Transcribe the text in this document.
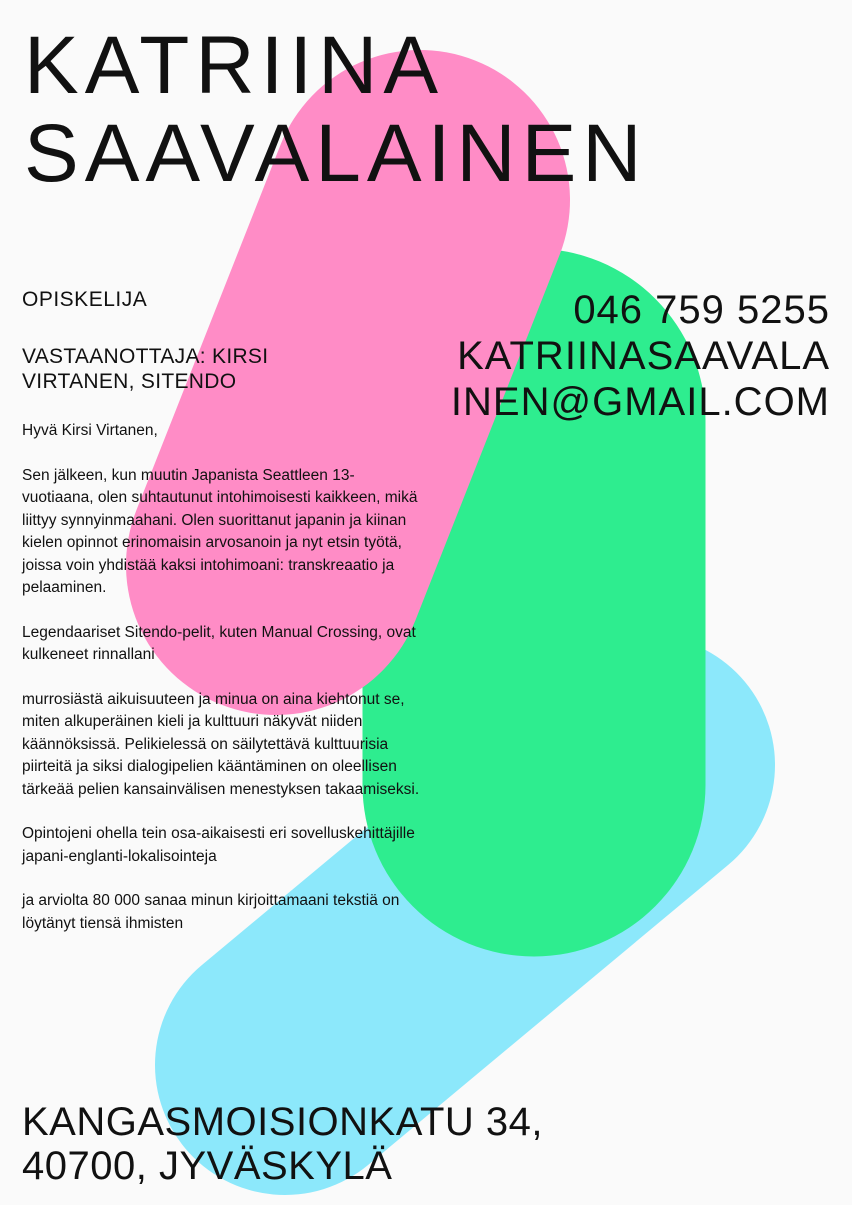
KATRIINA
SAAVALAINEN
OPISKELIJA
VASTAANOTTAJA: KIRSI VIRTANEN, SITENDO
046 759 5255
KATRIINASAAVALAINEN@GMAIL.COM

Hyvä Kirsi Virtanen,

Sen jälkeen, kun muutin Japanista Seattleen 13-vuotiaana, olen suhtautunut intohimoisesti kaikkeen, mikä liittyy synnyinmaahani. Olen suorittanut japanin ja kiinan kielen opinnot erinomaisin arvosanoin ja nyt etsin työtä, joissa voin yhdistää kaksi intohimoani: transkreaatio ja pelaaminen.

Legendaariset Sitendo-pelit, kuten Manual Crossing, ovat kulkeneet rinnallani

murrosiästä aikuisuuteen ja minua on aina kiehtonut se, miten alkuperäinen kieli ja kulttuuri näkyvät niiden käännöksissä. Pelikielessä on säilytettävä kulttuurisia piirteitä ja siksi dialogipelien kääntäminen on oleellisen tärkeää pelien kansainvälisen menestyksen takaamiseksi.

Opintojeni ohella tein osa-aikaisesti eri sovelluskehittäjille japani-englanti-lokalisointeja

ja arviolta 80 000 sanaa minun kirjoittamaani tekstiä on löytänyt tiensä ihmisten

KANGASMOISIONKATU 34,
40700, JYVÄSKYLÄ
